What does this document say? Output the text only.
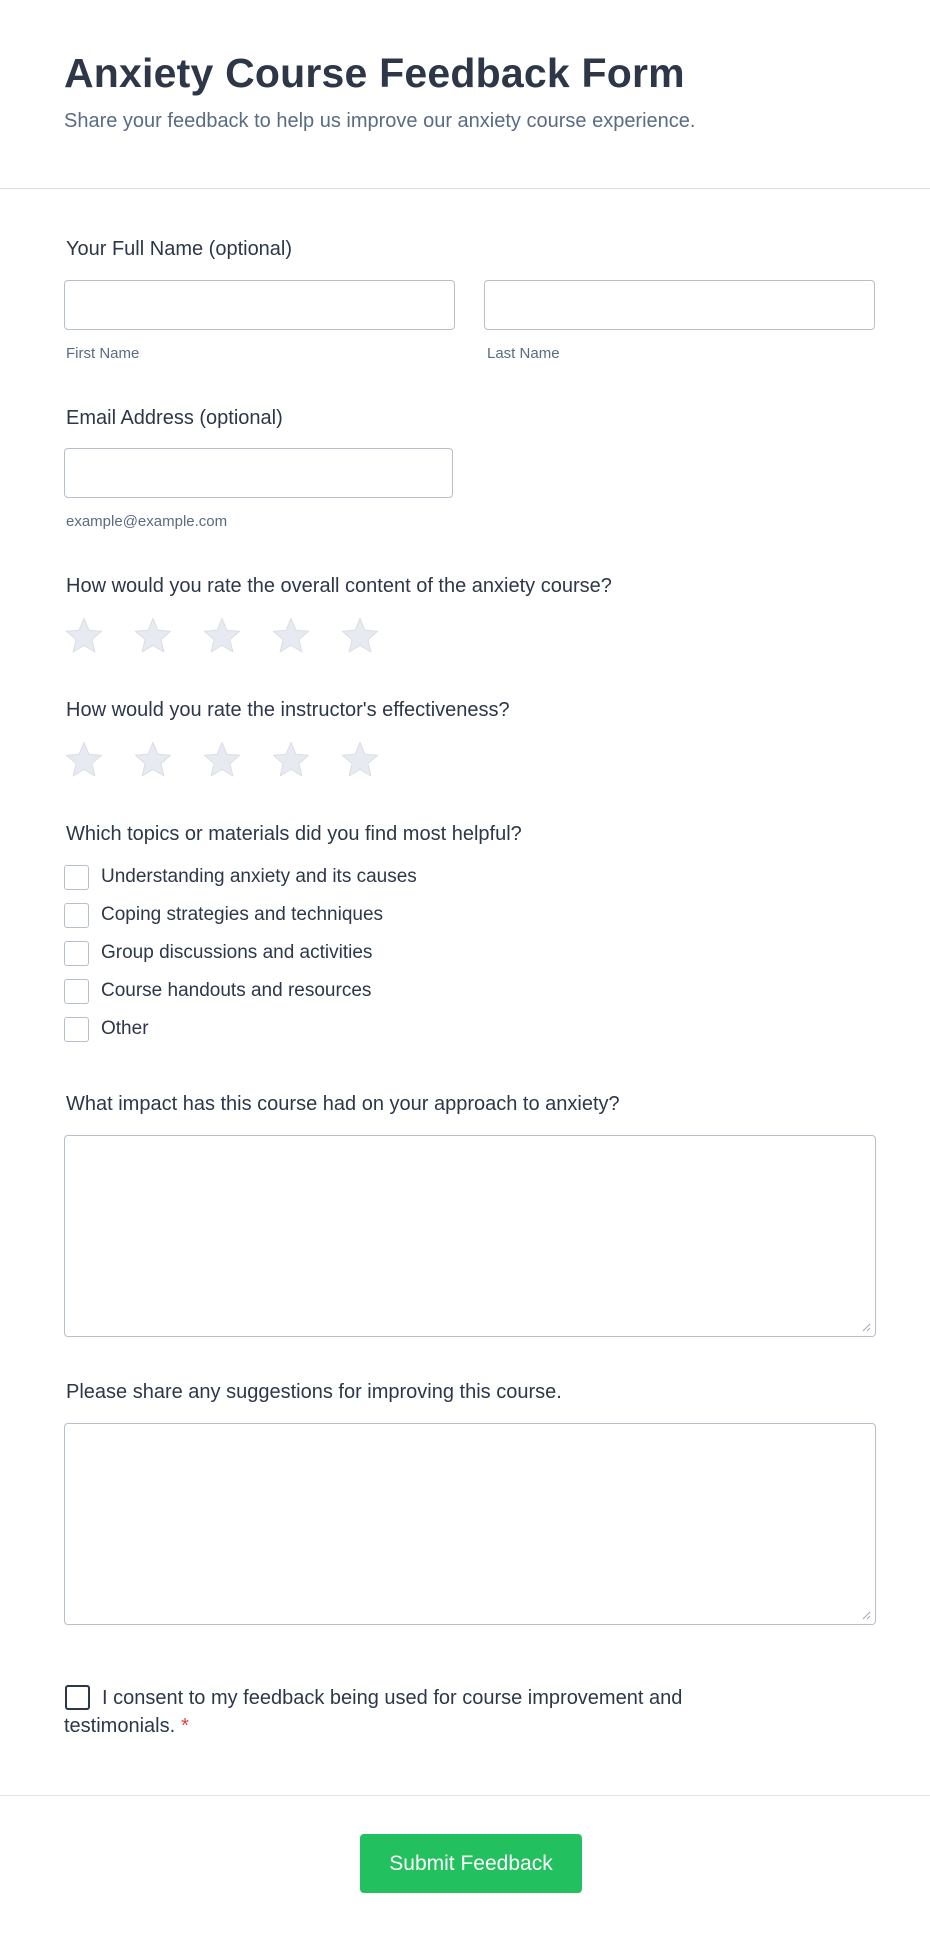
Anxiety Course Feedback Form

Share your feedback to help us improve our anxiety course experience.

Your Full Name (optional)
First Name	Last Name
Email Address (optional)
example@example.com
How would you rate the overall content of the anxiety course?
How would you rate the instructor's effectiveness?
Which topics or materials did you find most helpful?
Understanding anxiety and its causes
Coping strategies and techniques
Group discussions and activities
Course handouts and resources
Other
What impact has this course had on your approach to anxiety?
Please share any suggestions for improving this course.
I consent to my feedback being used for course improvement and testimonials. *
Submit Feedback
